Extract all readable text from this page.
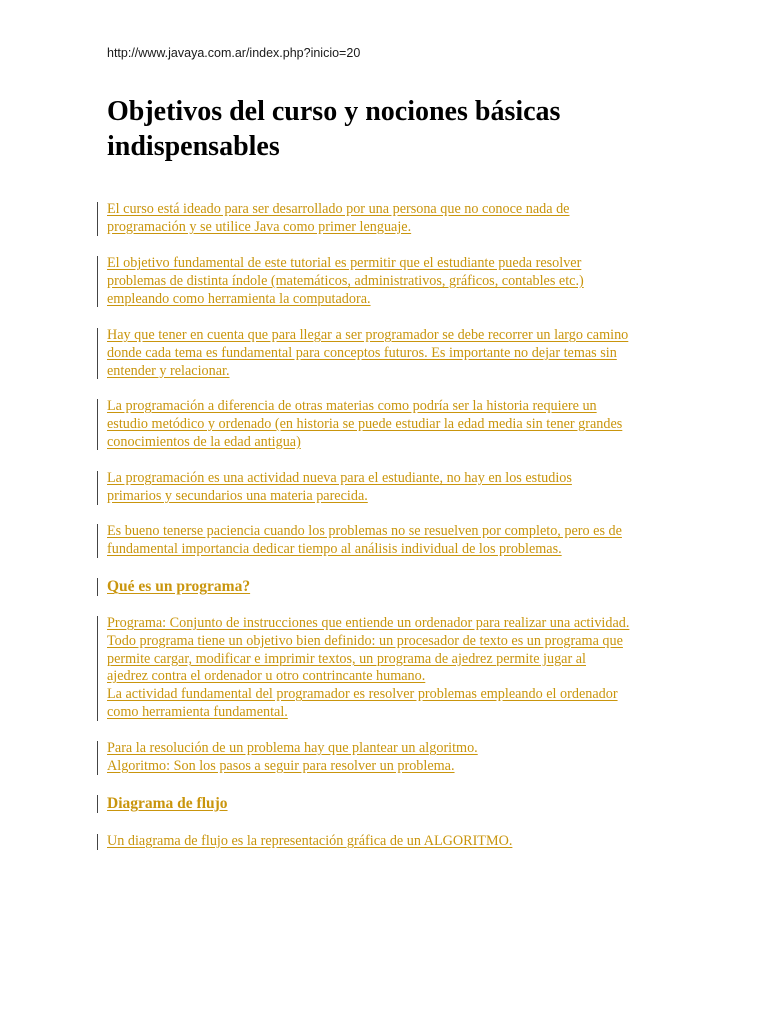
http://www.javaya.com.ar/index.php?inicio=20
Objetivos del curso y nociones básicas indispensables
El curso está ideado para ser desarrollado por una persona que no conoce nada de
programación y se utilice Java como primer lenguaje.
El objetivo fundamental de este tutorial es permitir que el estudiante pueda resolver
problemas de distinta índole (matemáticos, administrativos, gráficos, contables etc.)
empleando como herramienta la computadora.
Hay que tener en cuenta que para llegar a ser programador se debe recorrer un largo camino
donde cada tema es fundamental para conceptos futuros. Es importante no dejar temas sin
entender y relacionar.
La programación a diferencia de otras materias como podría ser la historia requiere un
estudio metódico y ordenado (en historia se puede estudiar la edad media sin tener grandes
conocimientos de la edad antigua)
La programación es una actividad nueva para el estudiante, no hay en los estudios
primarios y secundarios una materia parecida.
Es bueno tenerse paciencia cuando los problemas no se resuelven por completo, pero es de
fundamental importancia dedicar tiempo al análisis individual de los problemas.
Qué es un programa?
Programa: Conjunto de instrucciones que entiende un ordenador para realizar una actividad.
Todo programa tiene un objetivo bien definido: un procesador de texto es un programa que
permite cargar, modificar e imprimir textos, un programa de ajedrez permite jugar al
ajedrez contra el ordenador u otro contrincante humano.
La actividad fundamental del programador es resolver problemas empleando el ordenador
como herramienta fundamental.
Para la resolución de un problema hay que plantear un algoritmo.
Algoritmo: Son los pasos a seguir para resolver un problema.
Diagrama de flujo
Un diagrama de flujo es la representación gráfica de un ALGORITMO.
